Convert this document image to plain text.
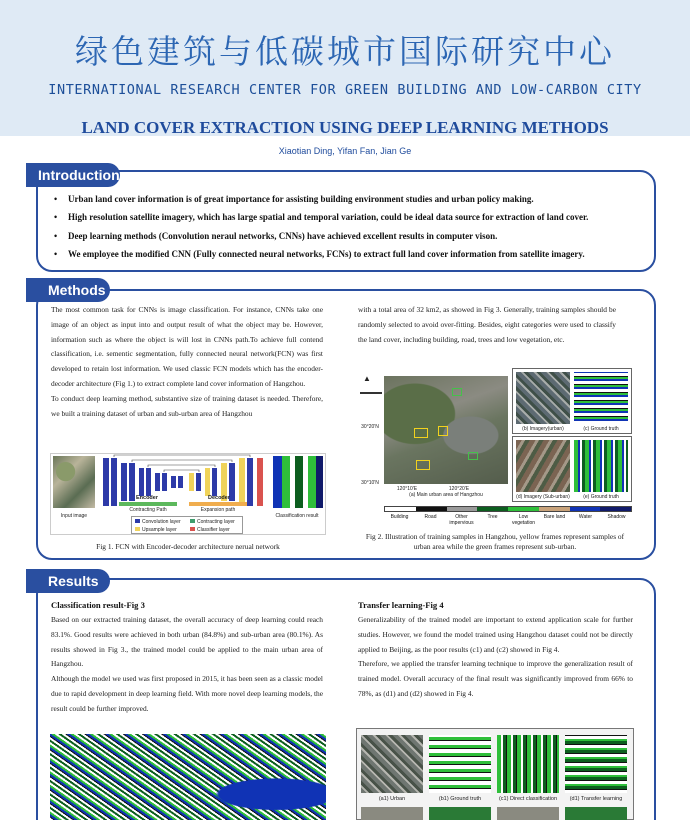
绿色建筑与低碳城市国际研究中心
INTERNATIONAL RESEARCH CENTER FOR GREEN BUILDING AND LOW-CARBON CITY
LAND COVER EXTRACTION USING DEEP LEARNING METHODS
Xiaotian Ding, Yifan Fan, Jian Ge
Introduction
• Urban land cover information is of great importance for assisting building environment studies and urban policy making.
• High resolution satellite imagery, which has large spatial and temporal variation, could be ideal data source for extraction of land cover.
• Deep learning methods (Convolution neraul networks, CNNs) have achieved excellent results in computer vison.
• We employee the modified CNN (Fully connected neural networks, FCNs) to extract full land cover information from satellite imagery.
Methods
The most common task for CNNs is image classification. For instance, CNNs take one image of an object as input into and output result of what the object may be. However, information such as where the object is will lost in CNNs path.To achieve full contend classification, i.e. sementic segmentation, fully connected neural network(FCN) was first developed to retain lost information. We used classic FCN models which has the encoder-decoder architecture (Fig 1.) to extract complete land cover information of Hangzhou.
To conduct deep learning method, substantive size of training dataset is needed. Therefore, we built a training dataset of urban and sub-urban area of Hangzhou
with a total area of 32 km2, as showed in Fig 3. Generally, training samples should be randomly selected to avoid over-fitting. Besides, eight categories were used to classify the land cover, including building, road, trees and low vegetation, etc.
Input image
Encoder
Contracting Path
Decoder
Expansion path
Convolution layer	Contracting layer
Upsample layer	Classifier layer
Classification result
Fig 1. FCN with Encoder-decoder architecture nerual network
▲
30°20'N
30°10'N
120°10'E	120°20'E
(a) Main urban area of Hangzhou
(b) Imagery(urban)	(c) Ground truth
(d) Imagery (Sub-urban)	(e) Ground truth
Building	Road	Other impervious
Tree	Low vegetation
Bare land	Water	Shadow
Fig 2. Illustration of training samples in Hangzhou, yellow frames represent samples of urban area while the green frames represent sub-urban.
Results
Classification result-Fig 3
Based on our extracted training dataset, the overall accuracy of deep learning could reach 83.1%. Good results were achieved in both urban (84.8%) and sub-urban area (80.1%). As results showed in Fig 3., the trained model could be applied to the main urban area of Hangzhou.
Although the model we used was first proposed in 2015, it has been seen as a classic model due to rapid development in deep learning field. With more novel deep learning models, the result could be further improved.
Transfer learning-Fig 4
Generalizability of the trained model are important to extend application scale for further studies. However, we found the model trained using Hangzhou dataset could not be directly applied to Beijing, as the poor results (c1) and (c2) showed in Fig 4.
Therefore, we applied the transfer learning technique to improve the generalization result of trained model. Overall accuracy of the final result was significantly improved from 66% to 78%, as (d1) and (d2) showed in Fig 4.
(a1) Urban	(b1) Ground truth	(c1) Direct classification	(d1) Transfer learning
